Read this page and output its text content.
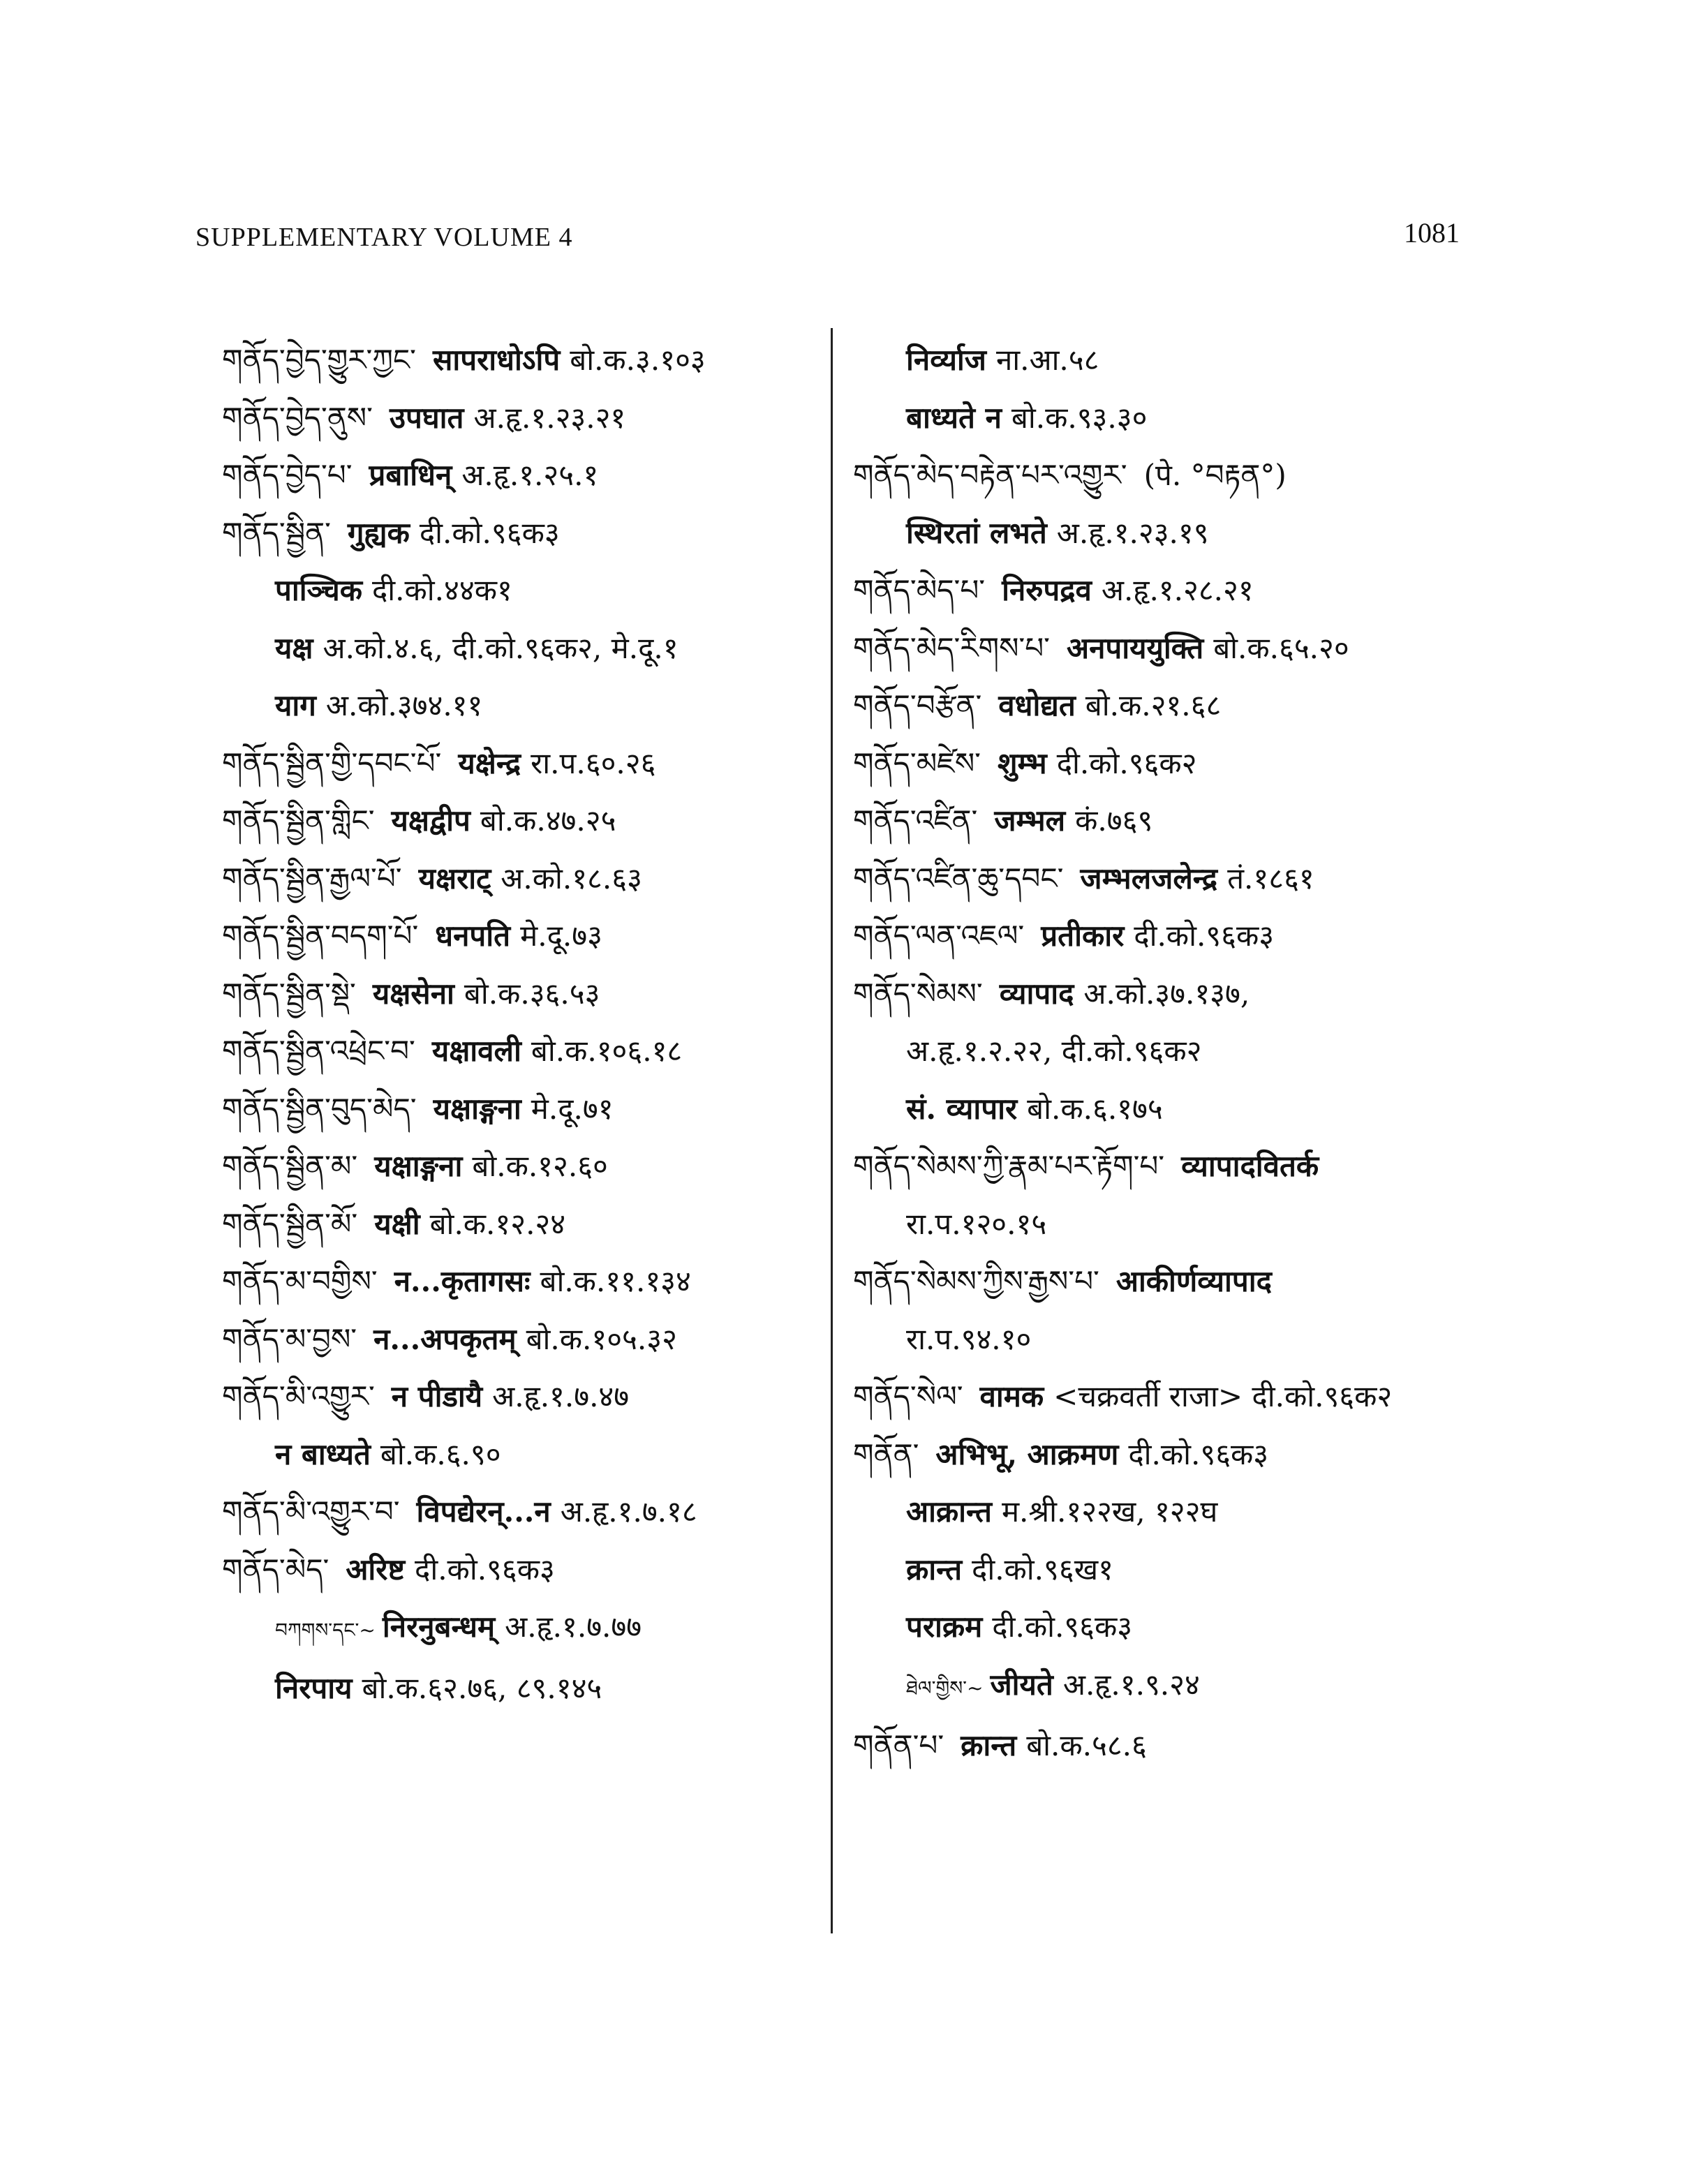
SUPPLEMENTARY VOLUME 4	1081
གནོད་བྱེད་གྱུར་ཀྱང་ सापराधोऽपि बो.क.३.१०३
གནོད་བྱེད་ནུས་ उपघात अ.हृ.१.२३.२१
གནོད་བྱེད་པ་ प्रबाधिन् अ.हृ.१.२५.१
གནོད་སྦྱིན་ गुह्यक दी.को.९६क३
पाञ्चिक दी.को.४४क१
यक्ष अ.को.४.६, दी.को.९६क२, मे.दू.१
याग अ.को.३७४.११
གནོད་སྦྱིན་གྱི་དབང་པོ་ यक्षेन्द्र रा.प.६०.२६
གནོད་སྦྱིན་གླིང་ यक्षद्वीप बो.क.४७.२५
གནོད་སྦྱིན་རྒྱལ་པོ་ यक्षराट् अ.को.१८.६३
གནོད་སྦྱིན་བདག་པོ་ धनपति मे.दू.७३
གནོད་སྦྱིན་སྡེ་ यक्षसेना बो.क.३६.५३
གནོད་སྦྱིན་འཕྲེང་བ་ यक्षावली बो.क.१०६.१८
གནོད་སྦྱིན་བུད་མེད་ यक्षाङ्गना मे.दू.७१
གནོད་སྦྱིན་མ་ यक्षाङ्गना बो.क.१२.६०
གནོད་སྦྱིན་མོ་ यक्षी बो.क.१२.२४
གནོད་མ་བགྱིས་ न...कृतागसः बो.क.११.१३४
གནོད་མ་བྱས་ न...अपकृतम् बो.क.१०५.३२
གནོད་མི་འགྱུར་ न पीडायै अ.हृ.१.७.४७
न बाध्यते बो.क.६.९०
གནོད་མི་འགྱུར་བ་ विपद्येरन्...न अ.हृ.१.७.१८
གནོད་མེད་ अरिष्ट दी.को.९६क३
བཀགས་དང་~ निरनुबन्धम् अ.हृ.१.७.७७
निरपाय बो.क.६२.७६, ८९.१४५
निर्व्याज ना.आ.५८
बाध्यते न बो.क.९३.३०
གནོད་མེད་བརྟེན་པར་འགྱུར་ (पे. °བརྟན°)
स्थिरतां लभते अ.हृ.१.२३.१९
གནོད་མེད་པ་ निरुपद्रव अ.हृ.१.२८.२१
གནོད་མེད་རིགས་པ་ अनपाययुक्ति बो.क.६५.२०
གནོད་བརྩོན་ वधोद्यत बो.क.२१.६८
གནོད་མཛེས་ शुम्भ दी.को.९६क२
གནོད་འཛིན་ जम्भल कं.७६९
གནོད་འཛིན་ཆུ་དབང་ जम्भलजलेन्द्र तं.१८६१
གནོད་ལན་འཇལ་ प्रतीकार दी.को.९६क३
གནོད་སེམས་ व्यापाद अ.को.३७.१३७,
अ.हृ.१.२.२२, दी.को.९६क२
सं. व्यापार बो.क.६.१७५
གནོད་སེམས་ཀྱི་རྣམ་པར་རྟོག་པ་ व्यापादवितर्क
रा.प.१२०.१५
གནོད་སེམས་ཀྱིས་རྒྱས་པ་ आकीर्णव्यापाद
रा.प.९४.१०
གནོད་སེལ་ वामक <चक्रवर्ती राजा> दी.को.९६क२
གནོན་ अभिभू, आक्रमण दी.को.९६क३
आक्रान्त म.श्री.१२२ख, १२२घ
क्रान्त दी.को.९६ख१
पराक्रम दी.को.९६क३
ཐེལ་གྱིས་~ जीयते अ.हृ.१.९.२४
གནོན་པ་ क्रान्त बो.क.५८.६
